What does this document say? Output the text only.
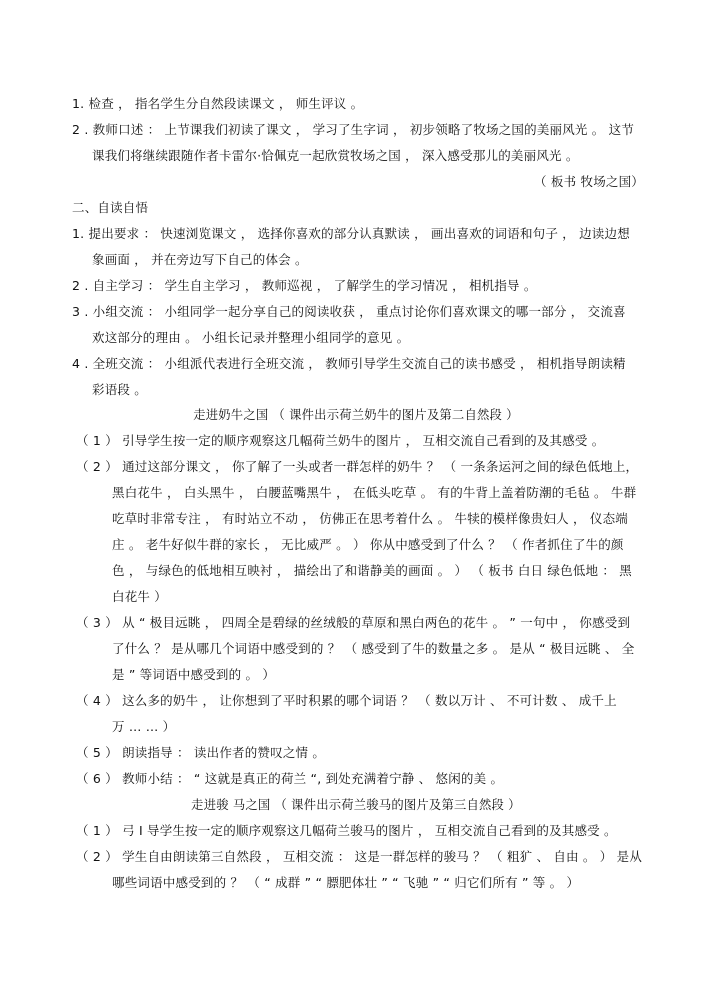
1. 检查 ， 指名学生分自然段读课文 ， 师生评议 。
2 . 教师口述 ： 上节课我们初读了课文 ， 学习了生字词 ， 初步领略了牧场之国的美丽风光 。 这节
课我们将继续跟随作者卡雷尔·恰佩克一起欣赏牧场之国 ， 深入感受那儿的美丽风光 。
（ 板书 牧场之国）
二、自读自悟
1. 提出要求 ： 快速浏览课文 ， 选择你喜欢的部分认真默读 ， 画出喜欢的词语和句子 ， 边读边想
象画面 ， 并在旁边写下自己的体会 。
2 . 自主学习 ： 学生自主学习 ， 教师巡视 ， 了解学生的学习情况 ， 相机指导 。
3 . 小组交流 ： 小组同学一起分享自己的阅读收获 ， 重点讨论你们喜欢课文的哪一部分 ， 交流喜
欢这部分的理由 。 小组长记录并整理小组同学的意见 。
4 . 全班交流 ： 小组派代表进行全班交流 ， 教师引导学生交流自己的读书感受 ， 相机指导朗读精
彩语段 。
走进奶牛之国 （ 课件出示荷兰奶牛的图片及第二自然段 ）
（ 1 ） 引导学生按一定的顺序观察这几幅荷兰奶牛的图片 ， 互相交流自己看到的及其感受 。
（ 2 ） 通过这部分课文 ， 你了解了一头或者一群怎样的奶牛 ？ （ 一条条运河之间的绿色低地上，
黑白花牛 ， 白头黑牛 ， 白腰蓝嘴黑牛 ， 在低头吃草 。 有的牛背上盖着防潮的毛毡 。 牛群
吃草时非常专注 ， 有时站立不动 ， 仿佛正在思考着什么 。 牛犊的模样像贵妇人 ， 仪态端
庄 。 老牛好似牛群的家长 ， 无比威严 。 ） 你从中感受到了什么 ？ （ 作者抓住了牛的颜
色 ， 与绿色的低地相互映衬 ， 描绘出了和谐静美的画面 。 ） （ 板书 白日 绿色低地 ： 黑
白花牛 ）
（ 3 ） 从 “ 极目远眺 ， 四周全是碧绿的丝绒般的草原和黑白两色的花牛 。 ” 一句中 ， 你感受到
了什么 ？ 是从哪几个词语中感受到的 ？ （ 感受到了牛的数量之多 。 是从 “ 极目远眺 、 全
是 ” 等词语中感受到的 。 ）
（ 4 ） 这么多的奶牛 ， 让你想到了平时积累的哪个词语 ？ （ 数以万计 、 不可计数 、 成千上
万 … … ）
（ 5 ） 朗读指导 ： 读出作者的赞叹之情 。
（ 6 ） 教师小结 ： “ 这就是真正的荷兰 “, 到处充满着宁静 、 悠闲的美 。
走进骏 马之国 （ 课件出示荷兰骏马的图片及第三自然段 ）
（ 1 ） 弓 I 导学生按一定的顺序观察这几幅荷兰骏马的图片 ， 互相交流自己看到的及其感受 。
（ 2 ） 学生自由朗读第三自然段 ， 互相交流 ： 这是一群怎样的骏马 ？ （ 粗犷 、 自由 。 ） 是从
哪些词语中感受到的 ？ （ “ 成群 ” “ 膘肥体壮 ” “ 飞驰 ” “ 归它们所有 ” 等 。 ）
